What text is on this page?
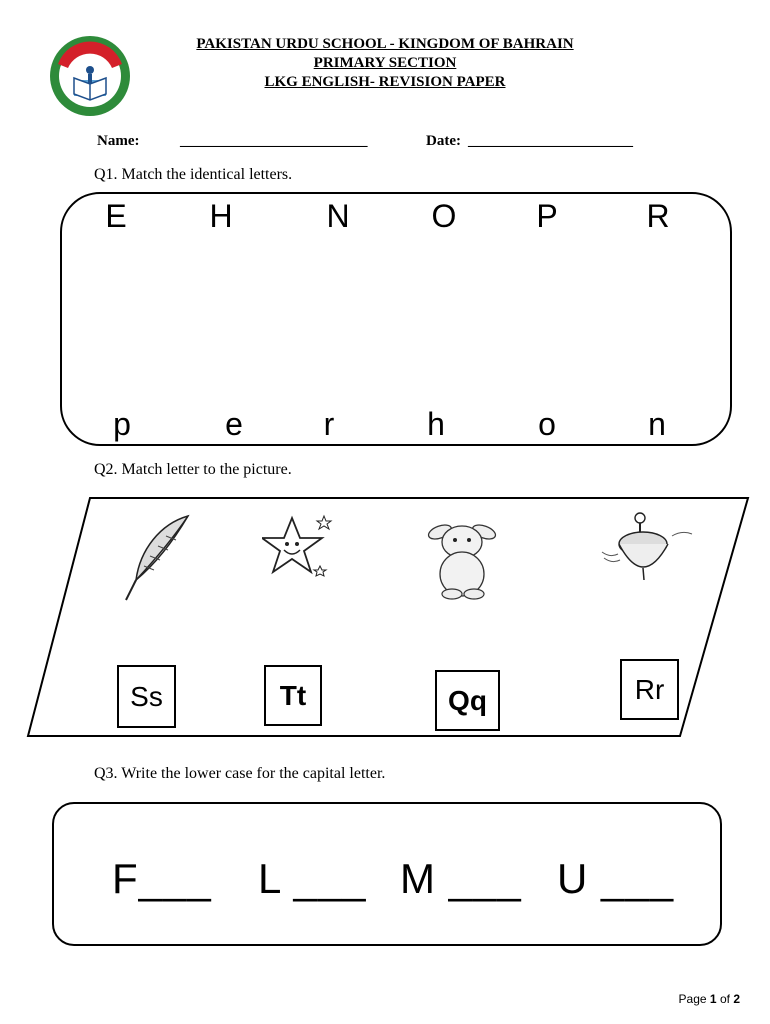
PAKISTAN URDU SCHOOL - KINGDOM OF BAHRAIN
PRIMARY SECTION
LKG ENGLISH- REVISION PAPER
Name:	_________________________	Date: ______________________
Q1. Match the identical letters.
E	H	N	O P	R
p	e	r	h	o	n
Q2. Match letter to the picture.
Ss	Tt	Qq	Rr
Q3. Write the lower case for the capital letter.
F___ L ___ M ___ U ___
Page 1 of 2
